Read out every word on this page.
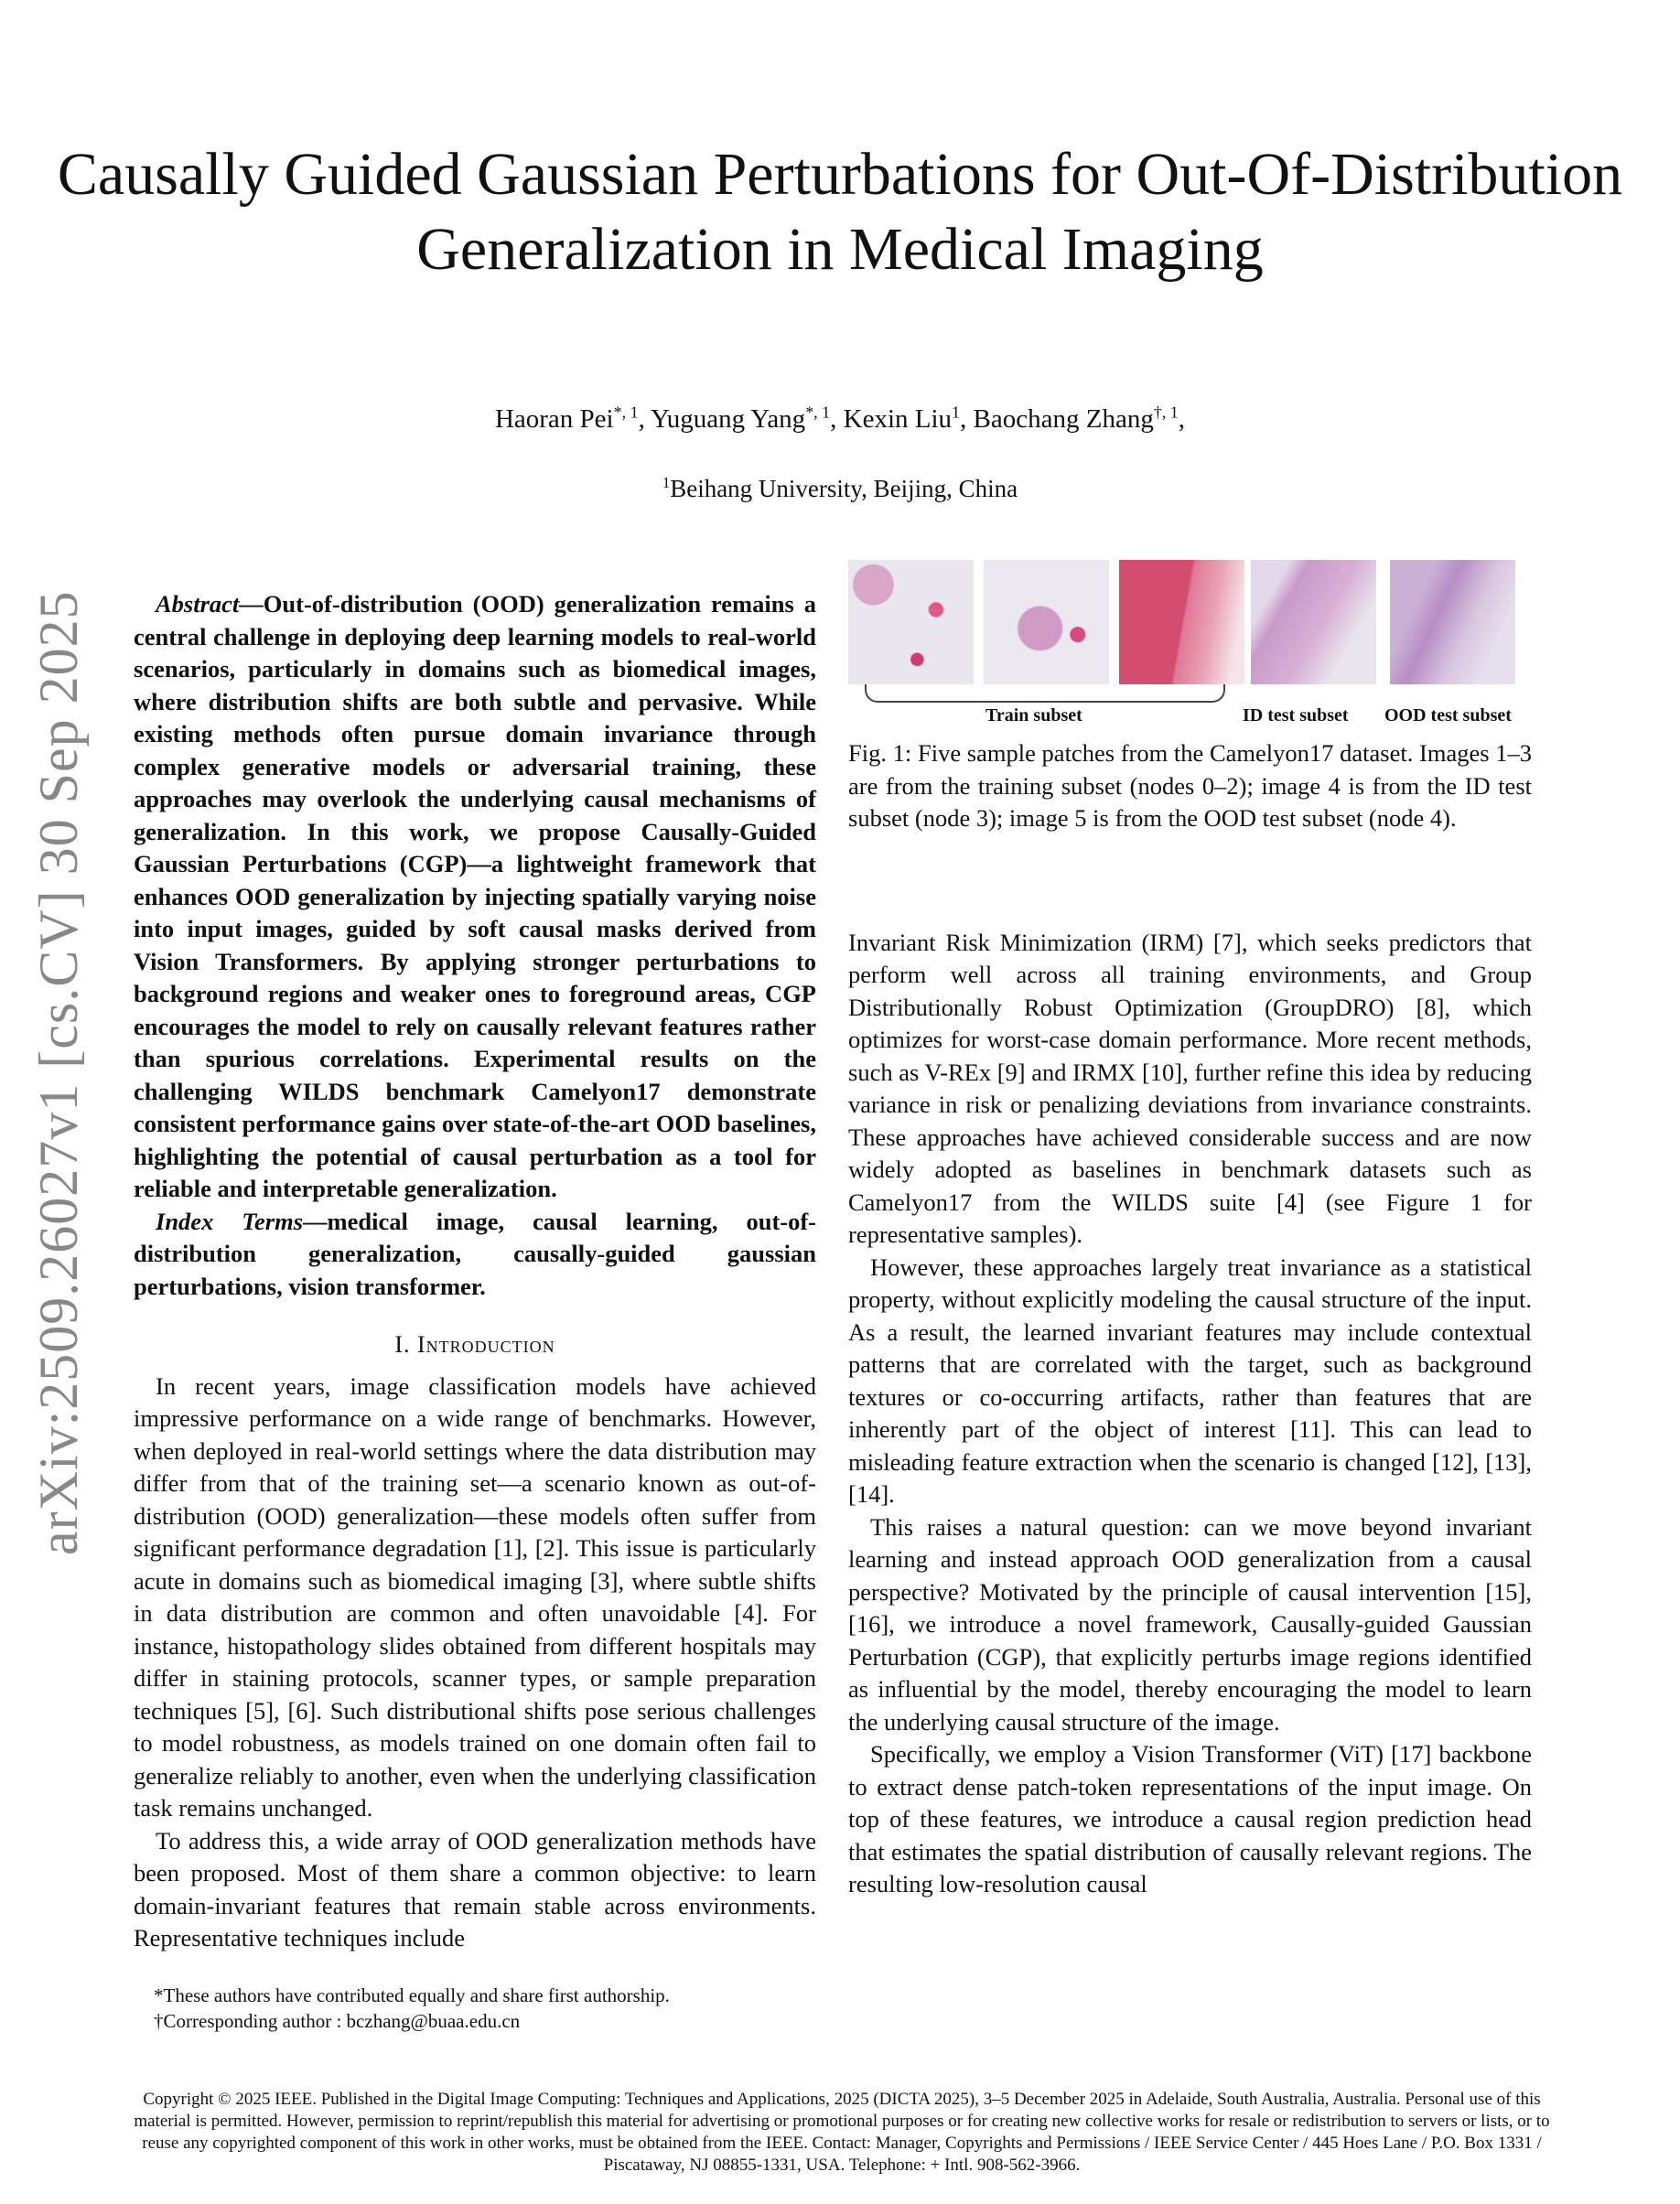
Causally Guided Gaussian Perturbations for Out-Of-Distribution Generalization in Medical Imaging
Haoran Pei$^{*, 1}$, Yuguang Yang$^{*, 1}$, Kexin Liu$^1$, Baochang Zhang$^{\dagger, 1}$,
$^1$Beihang University, Beijing, China
arXiv:2509.26027v1 [cs.CV] 30 Sep 2025	Abstract—Out-of-distribution (OOD) generalization remains a central challenge in deploying deep learning models to real-world scenarios, particularly in domains such as biomedical images, where distribution shifts are both subtle and pervasive. While existing methods often pursue domain invariance through complex generative models or adversarial training, these approaches may overlook the underlying causal mechanisms of generalization. In this work, we propose Causally-Guided Gaussian Perturbations (CGP)—a lightweight framework that enhances OOD generalization by injecting spatially varying noise into input images, guided by soft causal masks derived from Vision Transformers. By applying stronger perturbations to background regions and weaker ones to foreground areas, CGP encourages the model to rely on causally relevant features rather than spurious correlations. Experimental results on the challenging WILDS benchmark Camelyon17 demonstrate consistent performance gains over state-of-the-art OOD baselines, highlighting the potential of causal perturbation as a tool for reliable and interpretable generalization.

Index Terms—medical image, causal learning, out-of-distribution generalization, causally-guided gaussian perturbations, vision transformer.

I. Introduction

In recent years, image classification models have achieved impressive performance on a wide range of benchmarks. However, when deployed in real-world settings where the data distribution may differ from that of the training set—a scenario known as out-of-distribution (OOD) generalization—these models often suffer from significant performance degradation [1], [2]. This issue is particularly acute in domains such as biomedical imaging [3], where subtle shifts in data distribution are common and often unavoidable [4]. For instance, histopathology slides obtained from different hospitals may differ in staining protocols, scanner types, or sample preparation techniques [5], [6]. Such distributional shifts pose serious challenges to model robustness, as models trained on one domain often fail to generalize reliably to another, even when the underlying classification task remains unchanged.

To address this, a wide array of OOD generalization methods have been proposed. Most of them share a common objective: to learn domain-invariant features that remain stable across environments. Representative techniques include

*These authors have contributed equally and share first authorship.
†Corresponding author : bczhang@buaa.edu.cn
Train subset	ID test subset OOD test subset
Fig. 1: Five sample patches from the Camelyon17 dataset. Images 1–3 are from the training subset (nodes 0–2); image 4 is from the ID test subset (node 3); image 5 is from the OOD test subset (node 4).

Invariant Risk Minimization (IRM) [7], which seeks predictors that perform well across all training environments, and Group Distributionally Robust Optimization (GroupDRO) [8], which optimizes for worst-case domain performance. More recent methods, such as V-REx [9] and IRMX [10], further refine this idea by reducing variance in risk or penalizing deviations from invariance constraints. These approaches have achieved considerable success and are now widely adopted as baselines in benchmark datasets such as Camelyon17 from the WILDS suite [4] (see Figure 1 for representative samples).

However, these approaches largely treat invariance as a statistical property, without explicitly modeling the causal structure of the input. As a result, the learned invariant features may include contextual patterns that are correlated with the target, such as background textures or co-occurring artifacts, rather than features that are inherently part of the object of interest [11]. This can lead to misleading feature extraction when the scenario is changed [12], [13], [14].

This raises a natural question: can we move beyond invariant learning and instead approach OOD generalization from a causal perspective? Motivated by the principle of causal intervention [15], [16], we introduce a novel framework, Causally-guided Gaussian Perturbation (CGP), that explicitly perturbs image regions identified as influential by the model, thereby encouraging the model to learn the underlying causal structure of the image.

Specifically, we employ a Vision Transformer (ViT) [17] backbone to extract dense patch-token representations of the input image. On top of these features, we introduce a causal region prediction head that estimates the spatial distribution of causally relevant regions. The resulting low-resolution causal

Copyright © 2025 IEEE. Published in the Digital Image Computing: Techniques and Applications, 2025 (DICTA 2025), 3–5 December 2025 in Adelaide, South Australia, Australia. Personal use of this material is permitted. However, permission to reprint/republish this material for advertising or promotional purposes or for creating new collective works for resale or redistribution to servers or lists, or to reuse any copyrighted component of this work in other works, must be obtained from the IEEE. Contact: Manager, Copyrights and Permissions / IEEE Service Center / 445 Hoes Lane / P.O. Box 1331 / Piscataway, NJ 08855-1331, USA. Telephone: + Intl. 908-562-3966.
